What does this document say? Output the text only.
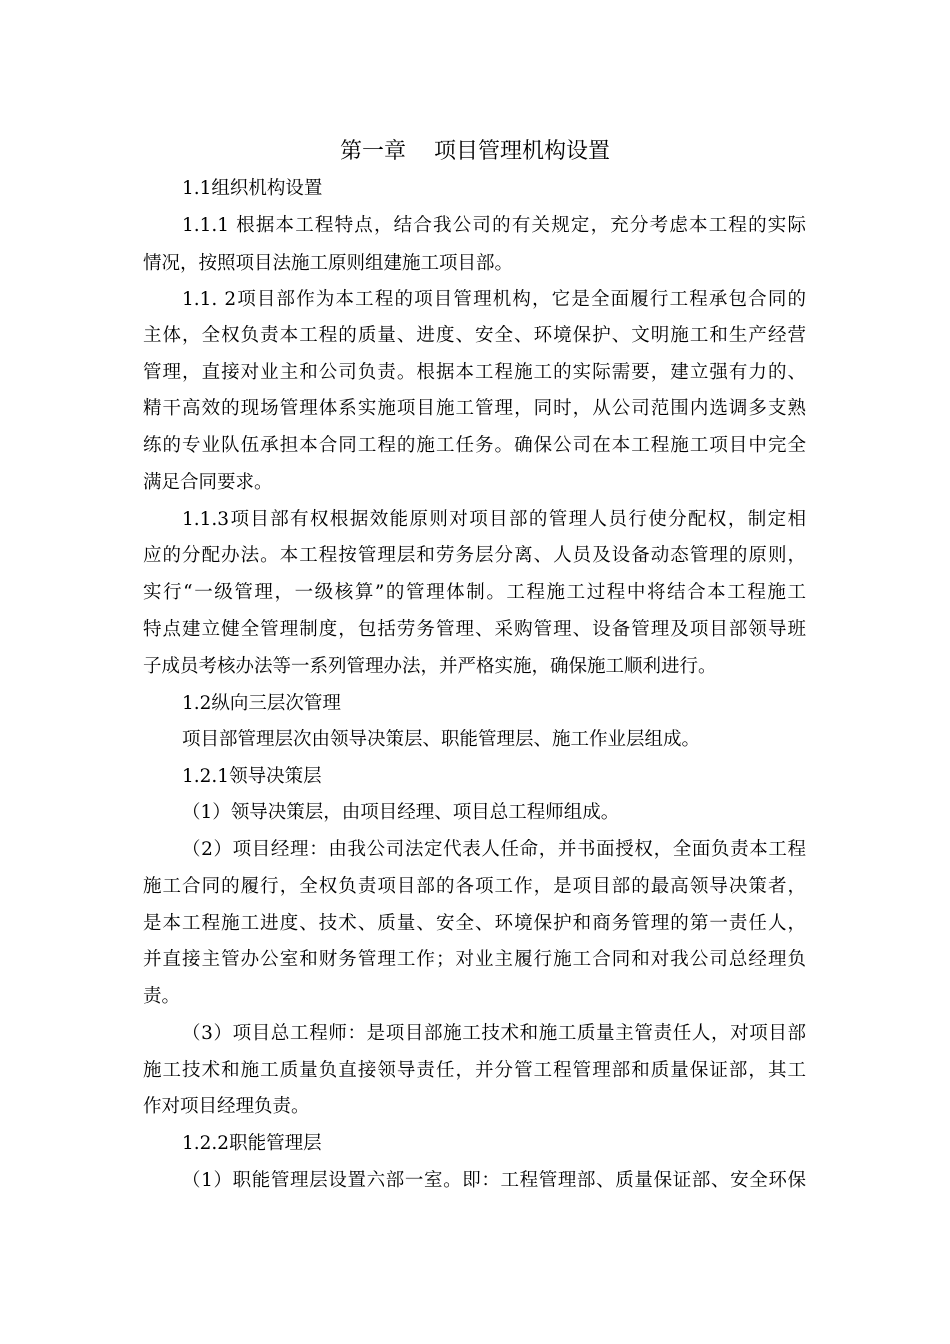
第一章    项目管理机构设置
1.1组织机构设置
1.1.1 根据本工程特点，结合我公司的有关规定，充分考虑本工程的实际
情况，按照项目法施工原则组建施工项目部。
1.1. 2项目部作为本工程的项目管理机构，它是全面履行工程承包合同的
主体，全权负责本工程的质量、进度、安全、环境保护、文明施工和生产经营
管理，直接对业主和公司负责。根据本工程施工的实际需要，建立强有力的、
精干高效的现场管理体系实施项目施工管理，同时，从公司范围内选调多支熟
练的专业队伍承担本合同工程的施工任务。确保公司在本工程施工项目中完全
满足合同要求。
1.1.3项目部有权根据效能原则对项目部的管理人员行使分配权，制定相
应的分配办法。本工程按管理层和劳务层分离、人员及设备动态管理的原则，
实行“一级管理，一级核算”的管理体制。工程施工过程中将结合本工程施工
特点建立健全管理制度，包括劳务管理、采购管理、设备管理及项目部领导班
子成员考核办法等一系列管理办法，并严格实施，确保施工顺利进行。
1.2纵向三层次管理
项目部管理层次由领导决策层、职能管理层、施工作业层组成。
1.2.1领导决策层
（1）领导决策层，由项目经理、项目总工程师组成。
（2）项目经理：由我公司法定代表人任命，并书面授权，全面负责本工程
施工合同的履行，全权负责项目部的各项工作，是项目部的最高领导决策者，
是本工程施工进度、技术、质量、安全、环境保护和商务管理的第一责任人，
并直接主管办公室和财务管理工作；对业主履行施工合同和对我公司总经理负
责。
（3）项目总工程师：是项目部施工技术和施工质量主管责任人，对项目部
施工技术和施工质量负直接领导责任，并分管工程管理部和质量保证部，其工
作对项目经理负责。
1.2.2职能管理层
（1）职能管理层设置六部一室。即：工程管理部、质量保证部、安全环保
